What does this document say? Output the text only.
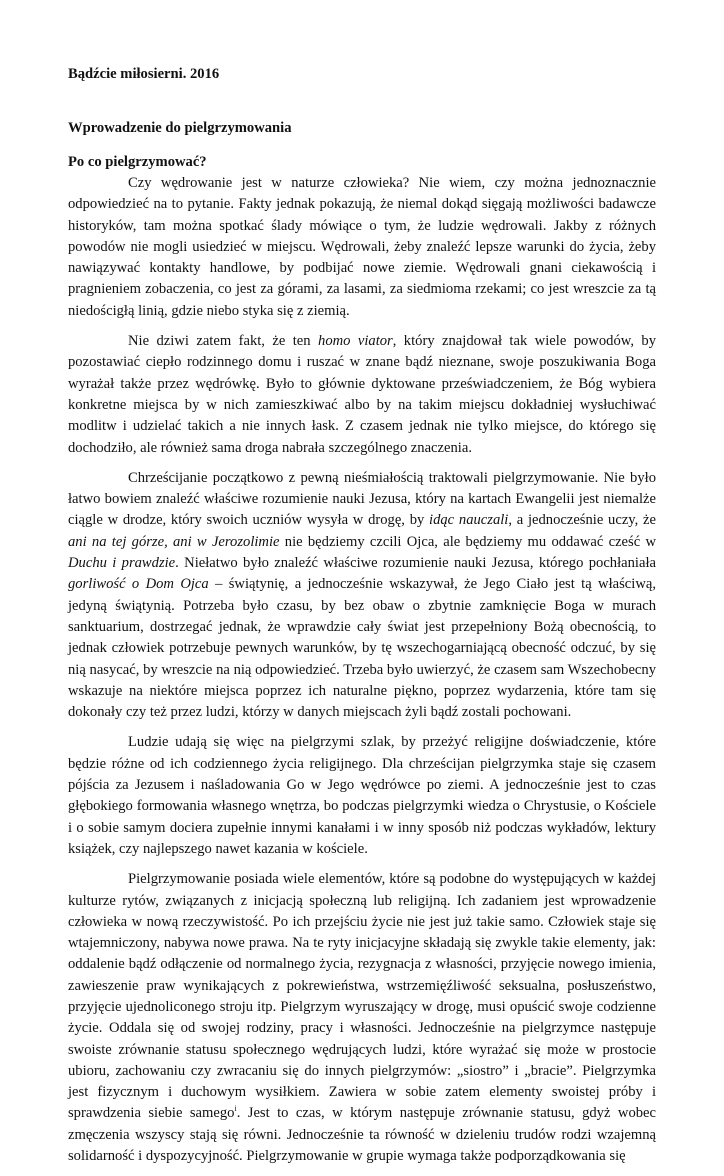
Bądźcie miłosierni. 2016
Wprowadzenie do pielgrzymowania
Po co pielgrzymować?

Czy wędrowanie jest w naturze człowieka? Nie wiem, czy można jednoznacznie odpowiedzieć na to pytanie. Fakty jednak pokazują, że niemal dokąd sięgają możliwości badawcze historyków, tam można spotkać ślady mówiące o tym, że ludzie wędrowali. Jakby z różnych powodów nie mogli usiedzieć w miejscu. Wędrowali, żeby znaleźć lepsze warunki do życia, żeby nawiązywać kontakty handlowe, by podbijać nowe ziemie. Wędrowali gnani ciekawością i pragnieniem zobaczenia, co jest za górami, za lasami, za siedmioma rzekami; co jest wreszcie za tą niedościgłą linią, gdzie niebo styka się z ziemią.

Nie dziwi zatem fakt, że ten homo viator, który znajdował tak wiele powodów, by pozostawiać ciepło rodzinnego domu i ruszać w znane bądź nieznane, swoje poszukiwania Boga wyrażał także przez wędrówkę. Było to głównie dyktowane przeświadczeniem, że Bóg wybiera konkretne miejsca by w nich zamieszkiwać albo by na takim miejscu dokładniej wysłuchiwać modlitw i udzielać takich a nie innych łask. Z czasem jednak nie tylko miejsce, do którego się dochodziło, ale również sama droga nabrała szczególnego znaczenia.

Chrześcijanie początkowo z pewną nieśmiałością traktowali pielgrzymowanie. Nie było łatwo bowiem znaleźć właściwe rozumienie nauki Jezusa, który na kartach Ewangelii jest niemalże ciągle w drodze, który swoich uczniów wysyła w drogę, by idąc nauczali, a jednocześnie uczy, że ani na tej górze, ani w Jerozolimie nie będziemy czcili Ojca, ale będziemy mu oddawać cześć w Duchu i prawdzie. Niełatwo było znaleźć właściwe rozumienie nauki Jezusa, którego pochłaniała gorliwość o Dom Ojca – świątynię, a jednocześnie wskazywał, że Jego Ciało jest tą właściwą, jedyną świątynią. Potrzeba było czasu, by bez obaw o zbytnie zamknięcie Boga w murach sanktuarium, dostrzegać jednak, że wprawdzie cały świat jest przepełniony Bożą obecnością, to jednak człowiek potrzebuje pewnych warunków, by tę wszechogarniającą obecność odczuć, by się nią nasycać, by wreszcie na nią odpowiedzieć. Trzeba było uwierzyć, że czasem sam Wszechobecny wskazuje na niektóre miejsca poprzez ich naturalne piękno, poprzez wydarzenia, które tam się dokonały czy też przez ludzi, którzy w danych miejscach żyli bądź zostali pochowani.

Ludzie udają się więc na pielgrzymi szlak, by przeżyć religijne doświadczenie, które będzie różne od ich codziennego życia religijnego. Dla chrześcijan pielgrzymka staje się czasem pójścia za Jezusem i naśladowania Go w Jego wędrówce po ziemi. A jednocześnie jest to czas głębokiego formowania własnego wnętrza, bo podczas pielgrzymki wiedza o Chrystusie, o Kościele i o sobie samym dociera zupełnie innymi kanałami i w inny sposób niż podczas wykładów, lektury książek, czy najlepszego nawet kazania w kościele.

Pielgrzymowanie posiada wiele elementów, które są podobne do występujących w każdej kulturze rytów, związanych z inicjacją społeczną lub religijną. Ich zadaniem jest wprowadzenie człowieka w nową rzeczywistość. Po ich przejściu życie nie jest już takie samo. Człowiek staje się wtajemniczony, nabywa nowe prawa. Na te ryty inicjacyjne składają się zwykle takie elementy, jak: oddalenie bądź odłączenie od normalnego życia, rezygnacja z własności, przyjęcie nowego imienia, zawieszenie praw wynikających z pokrewieństwa, wstrzemięźliwość seksualna, posłuszeństwo, przyjęcie ujednoliconego stroju itp. Pielgrzym wyruszający w drogę, musi opuścić swoje codzienne życie. Oddala się od swojej rodziny, pracy i własności. Jednocześnie na pielgrzymce następuje swoiste zrównanie statusu społecznego wędrujących ludzi, które wyrażać się może w prostocie ubioru, zachowaniu czy zwracaniu się do innych pielgrzymów: „siostro” i „bracie”. Pielgrzymka jest fizycznym i duchowym wysiłkiem. Zawiera w sobie zatem elementy swoistej próby i sprawdzenia siebie samego$^i$. Jest to czas, w którym następuje zrównanie statusu, gdyż wobec zmęczenia wszyscy stają się równi. Jednocześnie ta równość w dzieleniu trudów rodzi wzajemną solidarność i dyspozycyjność. Pielgrzymowanie w grupie wymaga także podporządkowania się
